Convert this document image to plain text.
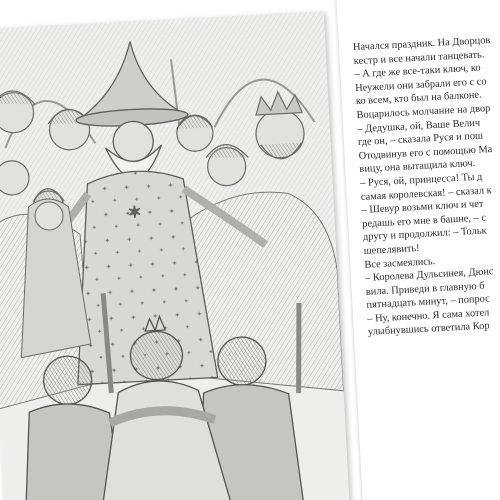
✶
Начался праздник. На Дворцов
кестр и все начали танцевать.
– А где же все-таки ключ, ко
Неужели они забрали его с со
ко всем, кто был на балконе.
Воцарилось молчание на двор
– Дедушка, ой, Ваше Велич
где он, – сказала Руся и пош
Отодвинув его с помощью Ма
вицу, она вытащила ключ.
– Руся, ой, принцесса! Ты д
самая королевская! – сказал к
– Шевур возьми ключ и чет
редашь его мне в башне, – с
другу и продолжил: – Тольк
шепелявить!
Все засмеялись.
– Королева Дульсинея, Дюнс
вила. Приведи в главную б
пятнадцать минут, – попрос
– Ну, конечно. Я сама хотел
улыбнувшись ответила Кор
